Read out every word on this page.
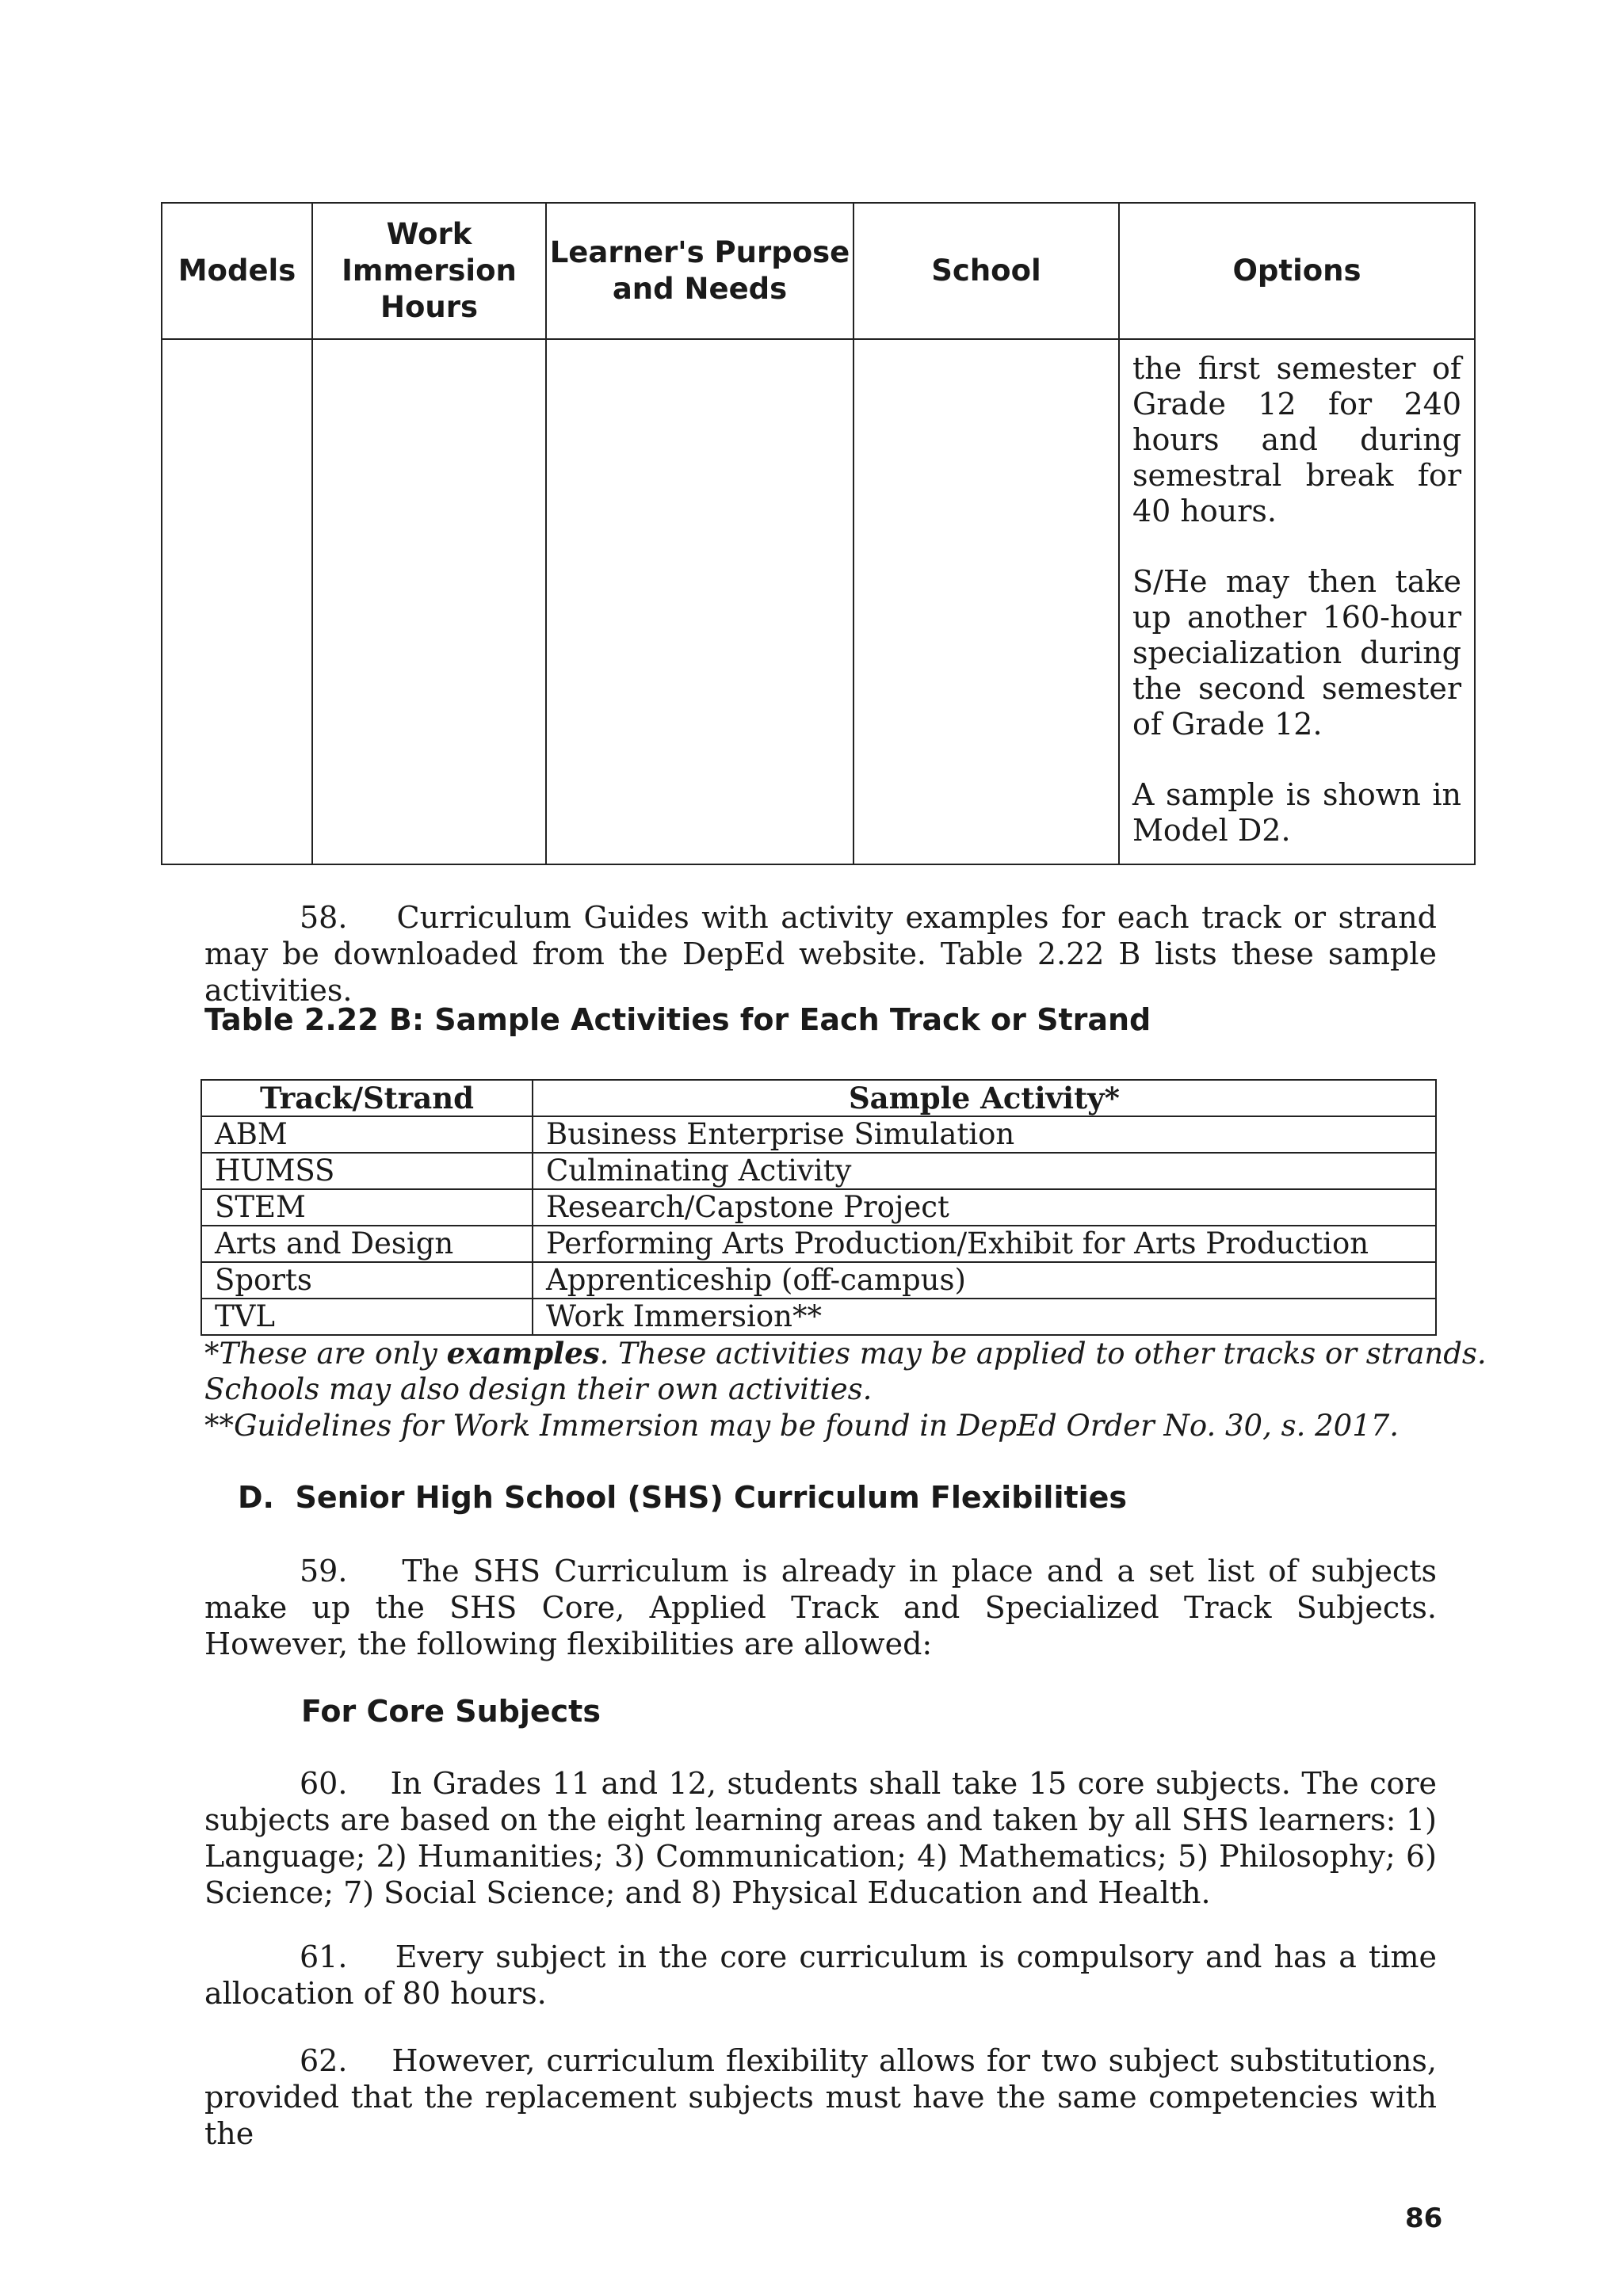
Models	Work Immersion Hours	Learner's Purpose and Needs	School	Options

				the first semester of Grade 12 for 240 hours and during semestral break for 40 hours.

S/He may then take up another 160-hour specialization during the second semester of Grade 12.

A sample is shown in Model D2.

58. Curriculum Guides with activity examples for each track or strand may be downloaded from the DepEd website. Table 2.22 B lists these sample activities.
Table 2.22 B: Sample Activities for Each Track or Strand
Track/Strand	Sample Activity*
ABM	Business Enterprise Simulation
HUMSS	Culminating Activity
STEM	Research/Capstone Project
Arts and Design	Performing Arts Production/Exhibit for Arts Production
Sports	Apprenticeship (off-campus)
TVL	Work Immersion**
*These are only examples. These activities may be applied to other tracks or strands.
Schools may also design their own activities.
**Guidelines for Work Immersion may be found in DepEd Order No. 30, s. 2017.
D. Senior High School (SHS) Curriculum Flexibilities
59. The SHS Curriculum is already in place and a set list of subjects make up the SHS Core, Applied Track and Specialized Track Subjects. However, the following flexibilities are allowed:
For Core Subjects
60. In Grades 11 and 12, students shall take 15 core subjects. The core subjects are based on the eight learning areas and taken by all SHS learners: 1) Language; 2) Humanities; 3) Communication; 4) Mathematics; 5) Philosophy; 6) Science; 7) Social Science; and 8) Physical Education and Health.
61. Every subject in the core curriculum is compulsory and has a time allocation of 80 hours.
62. However, curriculum flexibility allows for two subject substitutions, provided that the replacement subjects must have the same competencies with the
86
